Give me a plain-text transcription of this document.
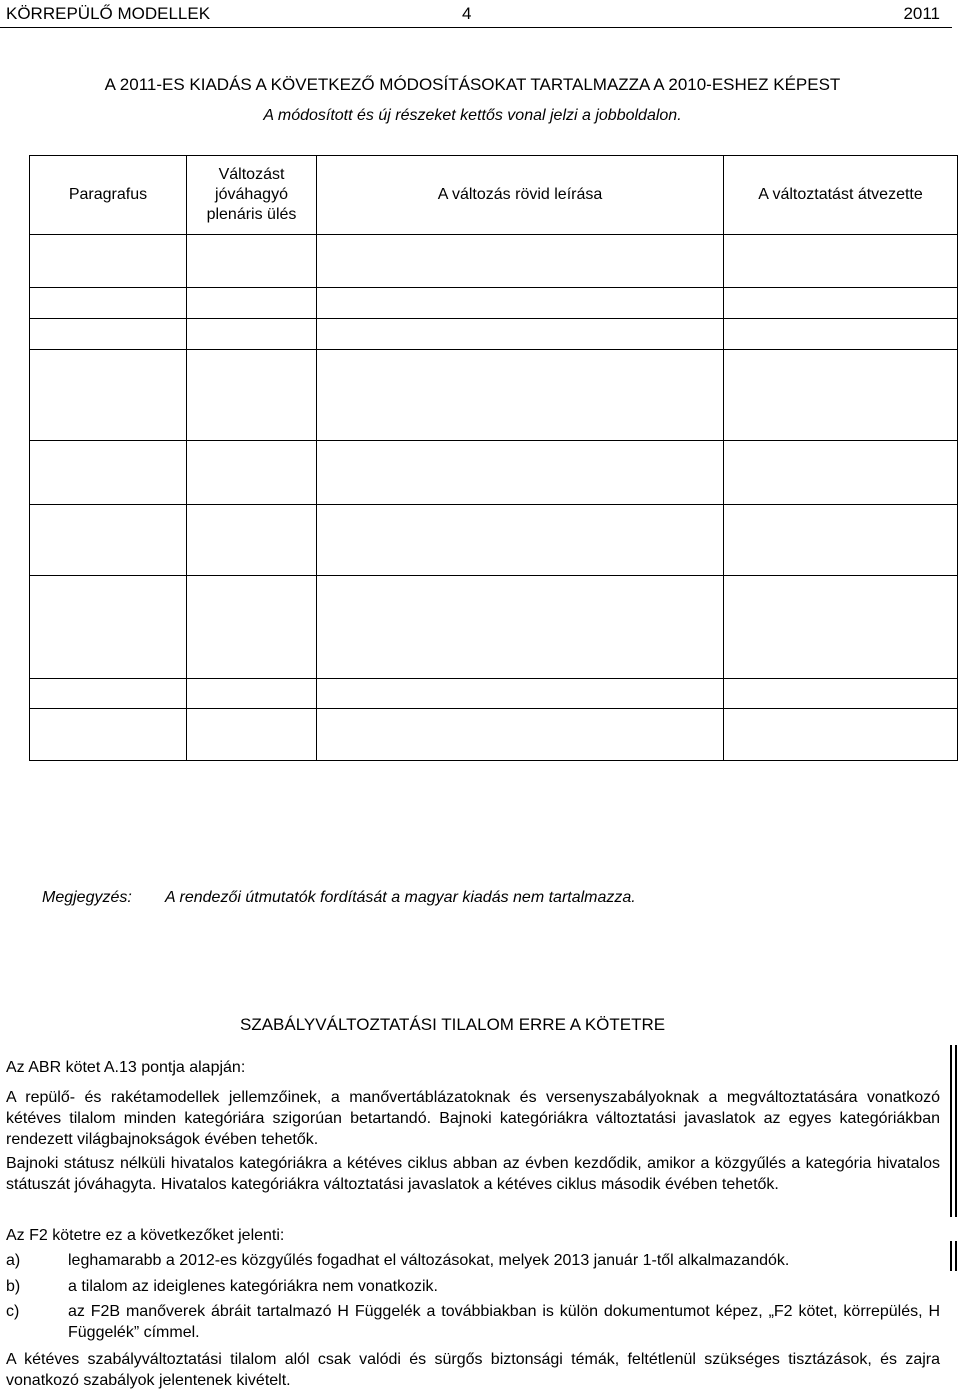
KÖRREPÜLŐ MODELLEK	4	2011
A 2011-ES KIADÁS A KÖVETKEZŐ MÓDOSÍTÁSOKAT TARTALMAZZA A 2010-ESHEZ KÉPEST
A módosított és új részeket kettős vonal jelzi a jobboldalon.
Paragrafus	Változást jóváhagyó plenáris ülés	A változás rövid leírása	A változtatást átvezette

Megjegyzés: A rendezői útmutatók fordítását a magyar kiadás nem tartalmazza.
SZABÁLYVÁLTOZTATÁSI TILALOM ERRE A KÖTETRE
Az ABR kötet A.13 pontja alapján:
A repülő- és rakétamodellek jellemzőinek, a manővertáblázatoknak és versenyszabályoknak a megváltoztatására vonatkozó kétéves tilalom minden kategóriára szigorúan betartandó. Bajnoki kategóriákra változtatási javaslatok az egyes kategóriákban rendezett világbajnokságok évében tehetők.
Bajnoki státusz nélküli hivatalos kategóriákra a kétéves ciklus abban az évben kezdődik, amikor a közgyűlés a kategória hivatalos státuszát jóváhagyta. Hivatalos kategóriákra változtatási javaslatok a kétéves ciklus második évében tehetők.
Az F2 kötetre ez a következőket jelenti:
a)	leghamarabb a 2012-es közgyűlés fogadhat el változásokat, melyek 2013 január 1-től alkalmazandók.
b)	a tilalom az ideiglenes kategóriákra nem vonatkozik.
c)	az F2B manőverek ábráit tartalmazó H Függelék a továbbiakban is külön dokumentumot képez, „F2 kötet, körrepülés, H Függelék” címmel.
A kétéves szabályváltoztatási tilalom alól csak valódi és sürgős biztonsági témák, feltétlenül szükséges tisztázások, és zajra vonatkozó szabályok jelentenek kivételt.
